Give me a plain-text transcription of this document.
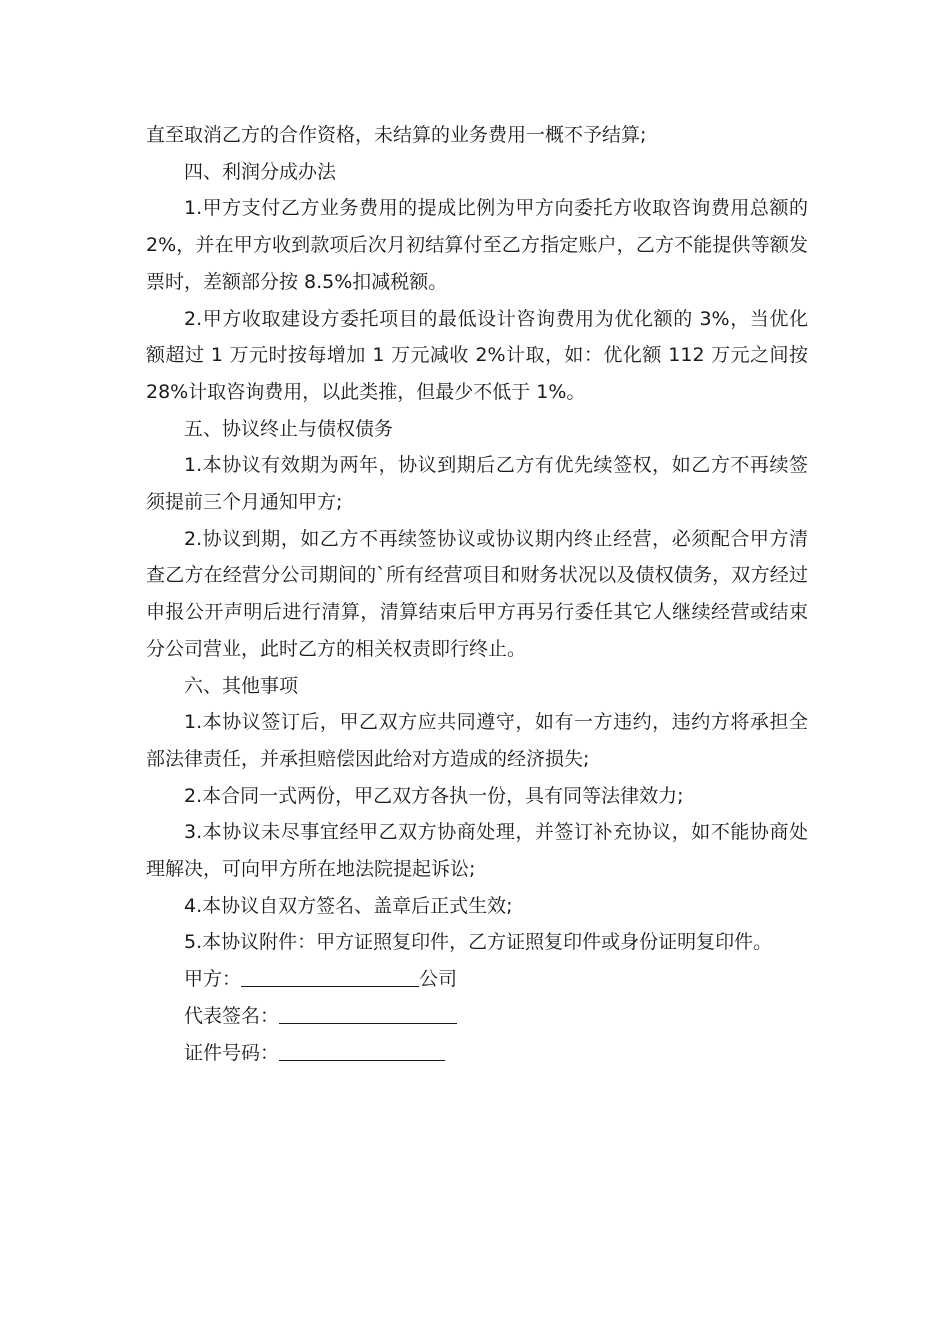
直至取消乙方的合作资格，未结算的业务费用一概不予结算;

四、利润分成办法

1.甲方支付乙方业务费用的提成比例为甲方向委托方收取咨询费用总额的 2%，并在甲方收到款项后次月初结算付至乙方指定账户，乙方不能提供等额发票时，差额部分按 8.5%扣减税额。

2.甲方收取建设方委托项目的最低设计咨询费用为优化额的 3%，当优化额超过 1 万元时按每增加 1 万元减收 2%计取，如：优化额 112 万元之间按 28%计取咨询费用，以此类推，但最少不低于 1%。

五、协议终止与债权债务

1.本协议有效期为两年，协议到期后乙方有优先续签权，如乙方不再续签须提前三个月通知甲方;

2.协议到期，如乙方不再续签协议或协议期内终止经营，必须配合甲方清查乙方在经营分公司期间的`所有经营项目和财务状况以及债权债务，双方经过申报公开声明后进行清算，清算结束后甲方再另行委任其它人继续经营或结束分公司营业，此时乙方的相关权责即行终止。

六、其他事项

1.本协议签订后，甲乙双方应共同遵守，如有一方违约，违约方将承担全部法律责任，并承担赔偿因此给对方造成的经济损失;

2.本合同一式两份，甲乙双方各执一份，具有同等法律效力;

3.本协议未尽事宜经甲乙双方协商处理，并签订补充协议，如不能协商处理解决，可向甲方所在地法院提起诉讼;

4.本协议自双方签名、盖章后正式生效;

5.本协议附件：甲方证照复印件，乙方证照复印件或身份证明复印件。

甲方：	公司

代表签名：

证件号码：
